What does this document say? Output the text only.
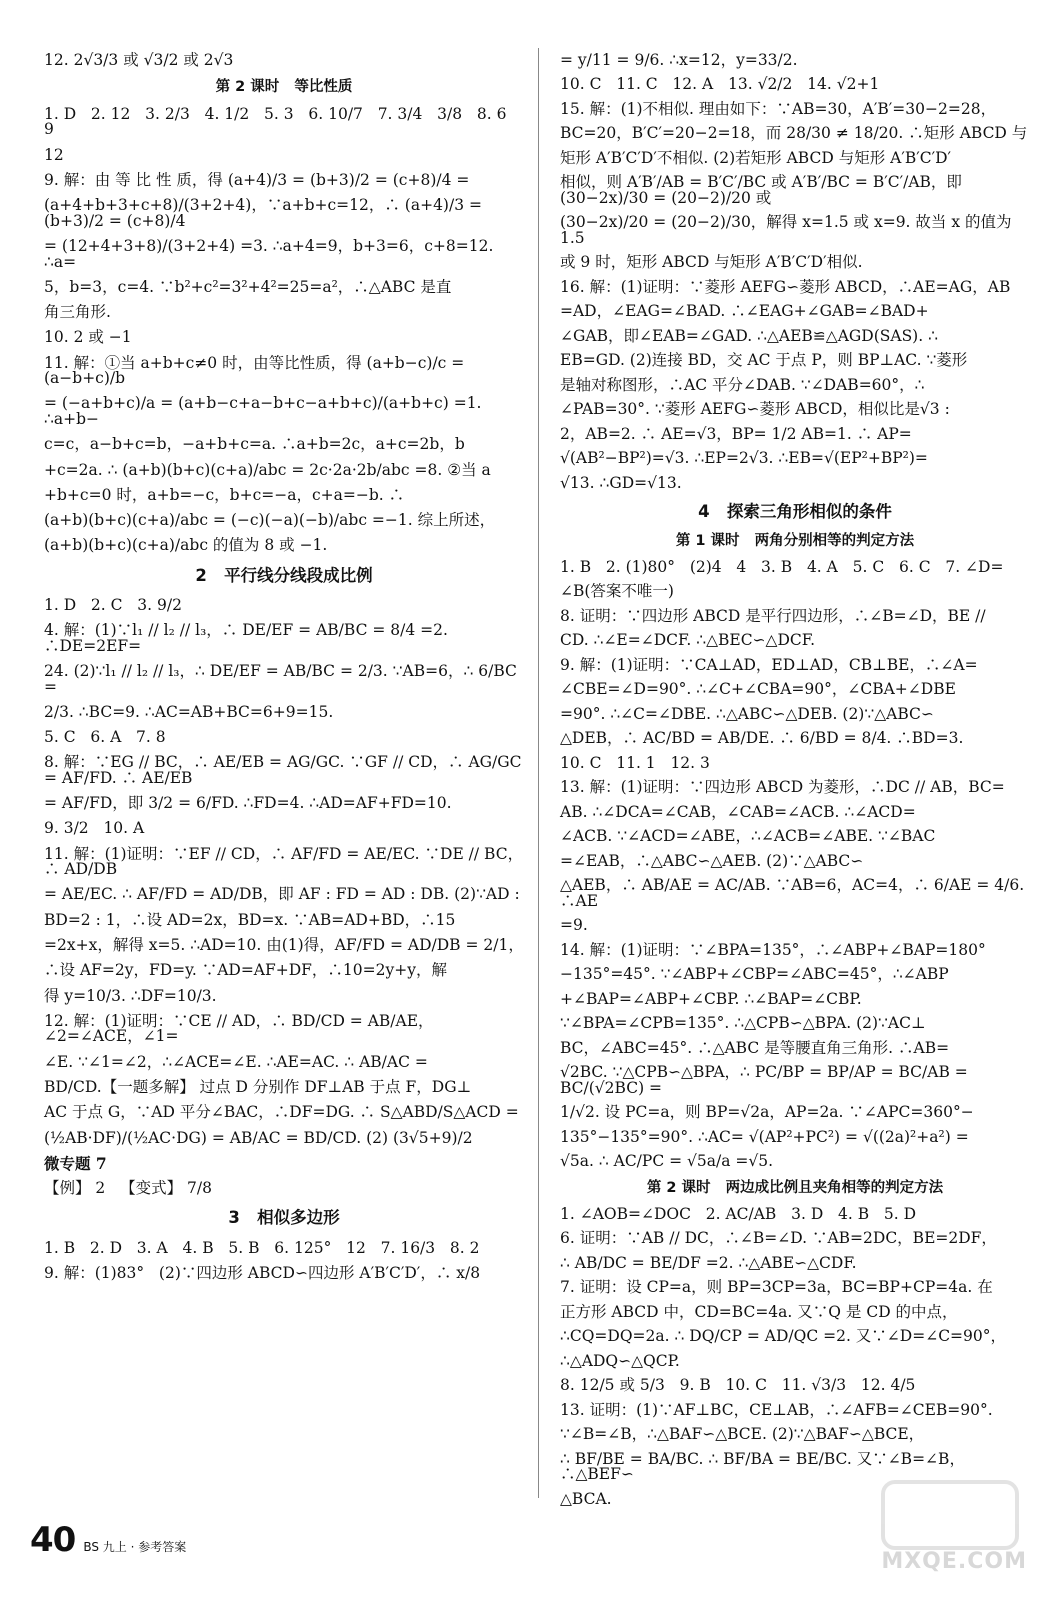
12. 2√3/3 或 √3/2 或 2√3
第 2 课时   等比性质
1. D   2. 12   3. 2/3   4. 1/2   5. 3   6. 10/7   7. 3/4   3/8   8. 6   9
12
9. 解：由 等 比 性 质，得 (a+4)/3 = (b+3)/2 = (c+8)/4 =
(a+4+b+3+c+8)/(3+2+4)，∵a+b+c=12，∴ (a+4)/3 = (b+3)/2 = (c+8)/4
= (12+4+3+8)/(3+2+4) =3. ∴a+4=9，b+3=6，c+8=12. ∴a=
5，b=3，c=4. ∵b²+c²=3²+4²=25=a²，∴△ABC 是直
角三角形.
10. 2 或 −1
11. 解：①当 a+b+c≠0 时，由等比性质，得 (a+b−c)/c = (a−b+c)/b
= (−a+b+c)/a = (a+b−c+a−b+c−a+b+c)/(a+b+c) =1. ∴a+b−
c=c，a−b+c=b，−a+b+c=a. ∴a+b=2c，a+c=2b，b
+c=2a. ∴ (a+b)(b+c)(c+a)/abc = 2c·2a·2b/abc =8. ②当 a
+b+c=0 时，a+b=−c，b+c=−a，c+a=−b. ∴
(a+b)(b+c)(c+a)/abc = (−c)(−a)(−b)/abc =−1. 综上所述，
(a+b)(b+c)(c+a)/abc 的值为 8 或 −1.
2   平行线分线段成比例
1. D   2. C   3. 9/2
4. 解：(1)∵l₁ // l₂ // l₃，∴ DE/EF = AB/BC = 8/4 =2. ∴DE=2EF=
24. (2)∵l₁ // l₂ // l₃，∴ DE/EF = AB/BC = 2/3. ∵AB=6，∴ 6/BC =
2/3. ∴BC=9. ∴AC=AB+BC=6+9=15.
5. C   6. A   7. 8
8. 解：∵EG // BC，∴ AE/EB = AG/GC. ∵GF // CD，∴ AG/GC = AF/FD. ∴ AE/EB
= AF/FD，即 3/2 = 6/FD. ∴FD=4. ∴AD=AF+FD=10.
9. 3/2   10. A
11. 解：(1)证明：∵EF // CD，∴ AF/FD = AE/EC. ∵DE // BC，∴ AD/DB
= AE/EC. ∴ AF/FD = AD/DB，即 AF : FD = AD : DB. (2)∵AD :
BD=2 : 1，∴设 AD=2x，BD=x. ∵AB=AD+BD，∴15
=2x+x，解得 x=5. ∴AD=10. 由(1)得，AF/FD = AD/DB = 2/1，
∴设 AF=2y，FD=y. ∵AD=AF+DF，∴10=2y+y，解
得 y=10/3. ∴DF=10/3.
12. 解：(1)证明：∵CE // AD，∴ BD/CD = AB/AE，∠2=∠ACE，∠1=
∠E. ∵∠1=∠2，∴∠ACE=∠E. ∴AE=AC. ∴ AB/AC =
BD/CD.【一题多解】 过点 D 分别作 DF⊥AB 于点 F，DG⊥
AC 于点 G，∵AD 平分∠BAC，∴DF=DG. ∴ S△ABD/S△ACD =
(½AB·DF)/(½AC·DG) = AB/AC = BD/CD. (2) (3√5+9)/2
微专题 7
【例】 2   【变式】 7/8
3   相似多边形
1. B   2. D   3. A   4. B   5. B   6. 125°   12   7. 16/3   8. 2
9. 解：(1)83°   (2)∵四边形 ABCD∽四边形 A′B′C′D′，∴ x/8
= y/11 = 9/6. ∴x=12，y=33/2.
10. C   11. C   12. A   13. √2/2   14. √2+1
15. 解：(1)不相似. 理由如下：∵AB=30，A′B′=30−2=28，
BC=20，B′C′=20−2=18，而 28/30 ≠ 18/20. ∴矩形 ABCD 与
矩形 A′B′C′D′不相似. (2)若矩形 ABCD 与矩形 A′B′C′D′
相似，则 A′B′/AB = B′C′/BC 或 A′B′/BC = B′C′/AB，即 (30−2x)/30 = (20−2)/20 或
(30−2x)/20 = (20−2)/30，解得 x=1.5 或 x=9. 故当 x 的值为 1.5
或 9 时，矩形 ABCD 与矩形 A′B′C′D′相似.
16. 解：(1)证明：∵菱形 AEFG∽菱形 ABCD，∴AE=AG，AB
=AD，∠EAG=∠BAD. ∴∠EAG+∠GAB=∠BAD+
∠GAB，即∠EAB=∠GAD. ∴△AEB≌△AGD(SAS). ∴
EB=GD. (2)连接 BD，交 AC 于点 P，则 BP⊥AC. ∵菱形
是轴对称图形，∴AC 平分∠DAB. ∵∠DAB=60°，∴
∠PAB=30°. ∵菱形 AEFG∽菱形 ABCD，相似比是√3 :
2，AB=2. ∴ AE=√3，BP= 1/2 AB=1. ∴ AP=
√(AB²−BP²)=√3. ∴EP=2√3. ∴EB=√(EP²+BP²)=
√13. ∴GD=√13.
4   探索三角形相似的条件
第 1 课时   两角分别相等的判定方法
1. B   2. (1)80°   (2)4   4   3. B   4. A   5. C   6. C   7. ∠D=
∠B(答案不唯一)
8. 证明：∵四边形 ABCD 是平行四边形，∴∠B=∠D，BE //
CD. ∴∠E=∠DCF. ∴△BEC∽△DCF.
9. 解：(1)证明：∵CA⊥AD，ED⊥AD，CB⊥BE，∴∠A=
∠CBE=∠D=90°. ∴∠C+∠CBA=90°，∠CBA+∠DBE
=90°. ∴∠C=∠DBE. ∴△ABC∽△DEB. (2)∵△ABC∽
△DEB，∴ AC/BD = AB/DE. ∴ 6/BD = 8/4. ∴BD=3.
10. C   11. 1   12. 3
13. 解：(1)证明：∵四边形 ABCD 为菱形，∴DC // AB，BC=
AB. ∴∠DCA=∠CAB，∠CAB=∠ACB. ∴∠ACD=
∠ACB. ∵∠ACD=∠ABE，∴∠ACB=∠ABE. ∵∠BAC
=∠EAB，∴△ABC∽△AEB. (2)∵△ABC∽
△AEB，∴ AB/AE = AC/AB. ∵AB=6，AC=4，∴ 6/AE = 4/6. ∴AE
=9.
14. 解：(1)证明：∵∠BPA=135°，∴∠ABP+∠BAP=180°
−135°=45°. ∵∠ABP+∠CBP=∠ABC=45°，∴∠ABP
+∠BAP=∠ABP+∠CBP. ∴∠BAP=∠CBP.
∵∠BPA=∠CPB=135°. ∴△CPB∽△BPA. (2)∵AC⊥
BC，∠ABC=45°. ∴△ABC 是等腰直角三角形. ∴AB=
√2BC. ∵△CPB∽△BPA，∴ PC/BP = BP/AP = BC/AB = BC/(√2BC) =
1/√2. 设 PC=a，则 BP=√2a，AP=2a. ∵∠APC=360°−
135°−135°=90°. ∴AC= √(AP²+PC²) = √((2a)²+a²) =
√5a. ∴ AC/PC = √5a/a =√5.
第 2 课时   两边成比例且夹角相等的判定方法
1. ∠AOB=∠DOC   2. AC/AB   3. D   4. B   5. D
6. 证明：∵AB // DC，∴∠B=∠D. ∵AB=2DC，BE=2DF，
∴ AB/DC = BE/DF =2. ∴△ABE∽△CDF.
7. 证明：设 CP=a，则 BP=3CP=3a，BC=BP+CP=4a. 在
正方形 ABCD 中，CD=BC=4a. 又∵Q 是 CD 的中点，
∴CQ=DQ=2a. ∴ DQ/CP = AD/QC =2. 又∵∠D=∠C=90°，
∴△ADQ∽△QCP.
8. 12/5 或 5/3   9. B   10. C   11. √3/3   12. 4/5
13. 证明：(1)∵AF⊥BC，CE⊥AB，∴∠AFB=∠CEB=90°.
∵∠B=∠B，∴△BAF∽△BCE. (2)∵△BAF∽△BCE，
∴ BF/BE = BA/BC. ∴ BF/BA = BE/BC. 又∵∠B=∠B，∴△BEF∽
△BCA.
40 BS 九上 · 参考答案
MXQE.COM
